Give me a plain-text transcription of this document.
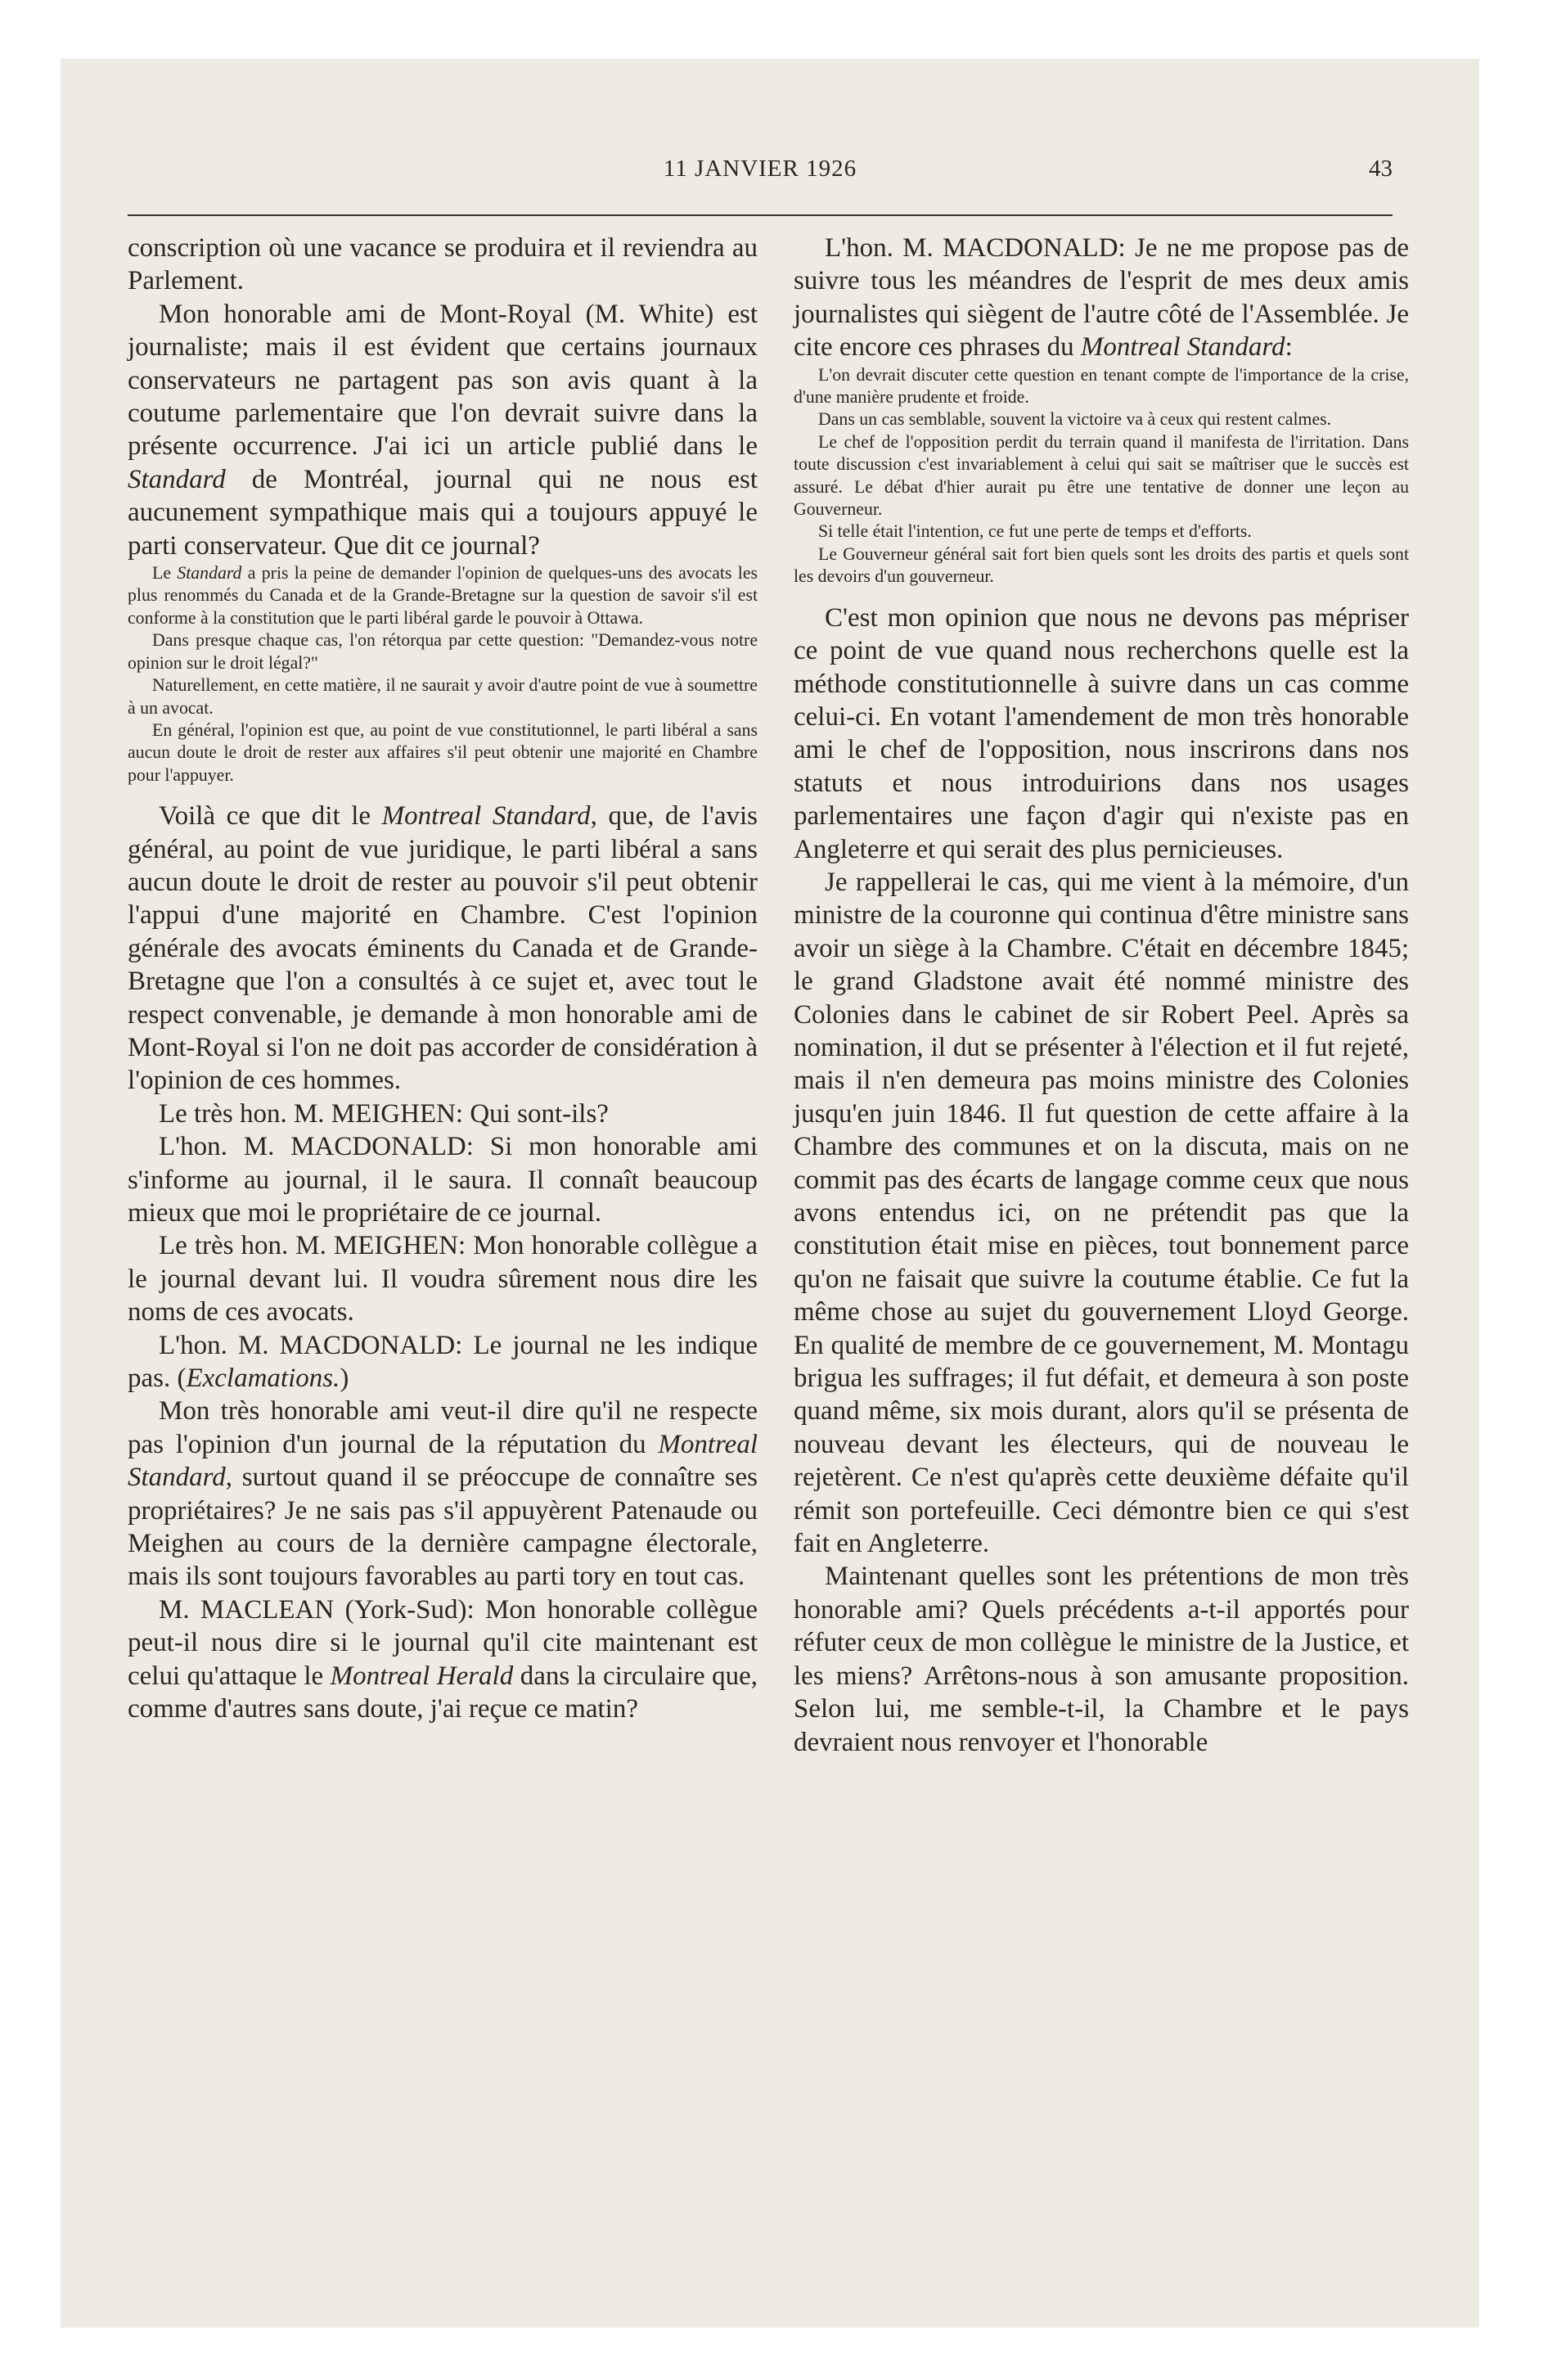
11 JANVIER 1926	43

conscription où une vacance se produira et il reviendra au Parlement.

Mon honorable ami de Mont-Royal (M. White) est journaliste; mais il est évident que certains journaux conservateurs ne partagent pas son avis quant à la coutume parlementaire que l'on devrait suivre dans la présente occurrence. J'ai ici un article publié dans le Standard de Montréal, journal qui ne nous est aucunement sympathique mais qui a toujours appuyé le parti conservateur. Que dit ce journal?

Le Standard a pris la peine de demander l'opinion de quelques-uns des avocats les plus renommés du Canada et de la Grande-Bretagne sur la question de savoir s'il est conforme à la constitution que le parti libéral garde le pouvoir à Ottawa.

Dans presque chaque cas, l'on rétorqua par cette question: "Demandez-vous notre opinion sur le droit légal?"

Naturellement, en cette matière, il ne saurait y avoir d'autre point de vue à soumettre à un avocat.

En général, l'opinion est que, au point de vue constitutionnel, le parti libéral a sans aucun doute le droit de rester aux affaires s'il peut obtenir une majorité en Chambre pour l'appuyer.

Voilà ce que dit le Montreal Standard, que, de l'avis général, au point de vue juridique, le parti libéral a sans aucun doute le droit de rester au pouvoir s'il peut obtenir l'appui d'une majorité en Chambre. C'est l'opinion générale des avocats éminents du Canada et de Grande-Bretagne que l'on a consultés à ce sujet et, avec tout le respect convenable, je demande à mon honorable ami de Mont-Royal si l'on ne doit pas accorder de considération à l'opinion de ces hommes.

Le très hon. M. MEIGHEN: Qui sont-ils?

L'hon. M. MACDONALD: Si mon honorable ami s'informe au journal, il le saura. Il connaît beaucoup mieux que moi le propriétaire de ce journal.

Le très hon. M. MEIGHEN: Mon honorable collègue a le journal devant lui. Il voudra sûrement nous dire les noms de ces avocats.

L'hon. M. MACDONALD: Le journal ne les indique pas. (Exclamations.)

Mon très honorable ami veut-il dire qu'il ne respecte pas l'opinion d'un journal de la réputation du Montreal Standard, surtout quand il se préoccupe de connaître ses propriétaires? Je ne sais pas s'il appuyèrent Patenaude ou Meighen au cours de la dernière campagne électorale, mais ils sont toujours favorables au parti tory en tout cas.

M. MACLEAN (York-Sud): Mon honorable collègue peut-il nous dire si le journal qu'il cite maintenant est celui qu'attaque le Montreal Herald dans la circulaire que, comme d'autres sans doute, j'ai reçue ce matin?

L'hon. M. MACDONALD: Je ne me propose pas de suivre tous les méandres de l'esprit de mes deux amis journalistes qui siègent de l'autre côté de l'Assemblée. Je cite encore ces phrases du Montreal Standard:

L'on devrait discuter cette question en tenant compte de l'importance de la crise, d'une manière prudente et froide.

Dans un cas semblable, souvent la victoire va à ceux qui restent calmes.

Le chef de l'opposition perdit du terrain quand il manifesta de l'irritation. Dans toute discussion c'est invariablement à celui qui sait se maîtriser que le succès est assuré. Le débat d'hier aurait pu être une tentative de donner une leçon au Gouverneur.

Si telle était l'intention, ce fut une perte de temps et d'efforts.

Le Gouverneur général sait fort bien quels sont les droits des partis et quels sont les devoirs d'un gouverneur.

C'est mon opinion que nous ne devons pas mépriser ce point de vue quand nous recherchons quelle est la méthode constitutionnelle à suivre dans un cas comme celui-ci. En votant l'amendement de mon très honorable ami le chef de l'opposition, nous inscrirons dans nos statuts et nous introduirions dans nos usages parlementaires une façon d'agir qui n'existe pas en Angleterre et qui serait des plus pernicieuses.

Je rappellerai le cas, qui me vient à la mémoire, d'un ministre de la couronne qui continua d'être ministre sans avoir un siège à la Chambre. C'était en décembre 1845; le grand Gladstone avait été nommé ministre des Colonies dans le cabinet de sir Robert Peel. Après sa nomination, il dut se présenter à l'élection et il fut rejeté, mais il n'en demeura pas moins ministre des Colonies jusqu'en juin 1846. Il fut question de cette affaire à la Chambre des communes et on la discuta, mais on ne commit pas des écarts de langage comme ceux que nous avons entendus ici, on ne prétendit pas que la constitution était mise en pièces, tout bonnement parce qu'on ne faisait que suivre la coutume établie. Ce fut la même chose au sujet du gouvernement Lloyd George. En qualité de membre de ce gouvernement, M. Montagu brigua les suffrages; il fut défait, et demeura à son poste quand même, six mois durant, alors qu'il se présenta de nouveau devant les électeurs, qui de nouveau le rejetèrent. Ce n'est qu'après cette deuxième défaite qu'il rémit son portefeuille. Ceci démontre bien ce qui s'est fait en Angleterre.

Maintenant quelles sont les prétentions de mon très honorable ami? Quels précédents a-t-il apportés pour réfuter ceux de mon collègue le ministre de la Justice, et les miens? Arrêtons-nous à son amusante proposition. Selon lui, me semble-t-il, la Chambre et le pays devraient nous renvoyer et l'honorable
